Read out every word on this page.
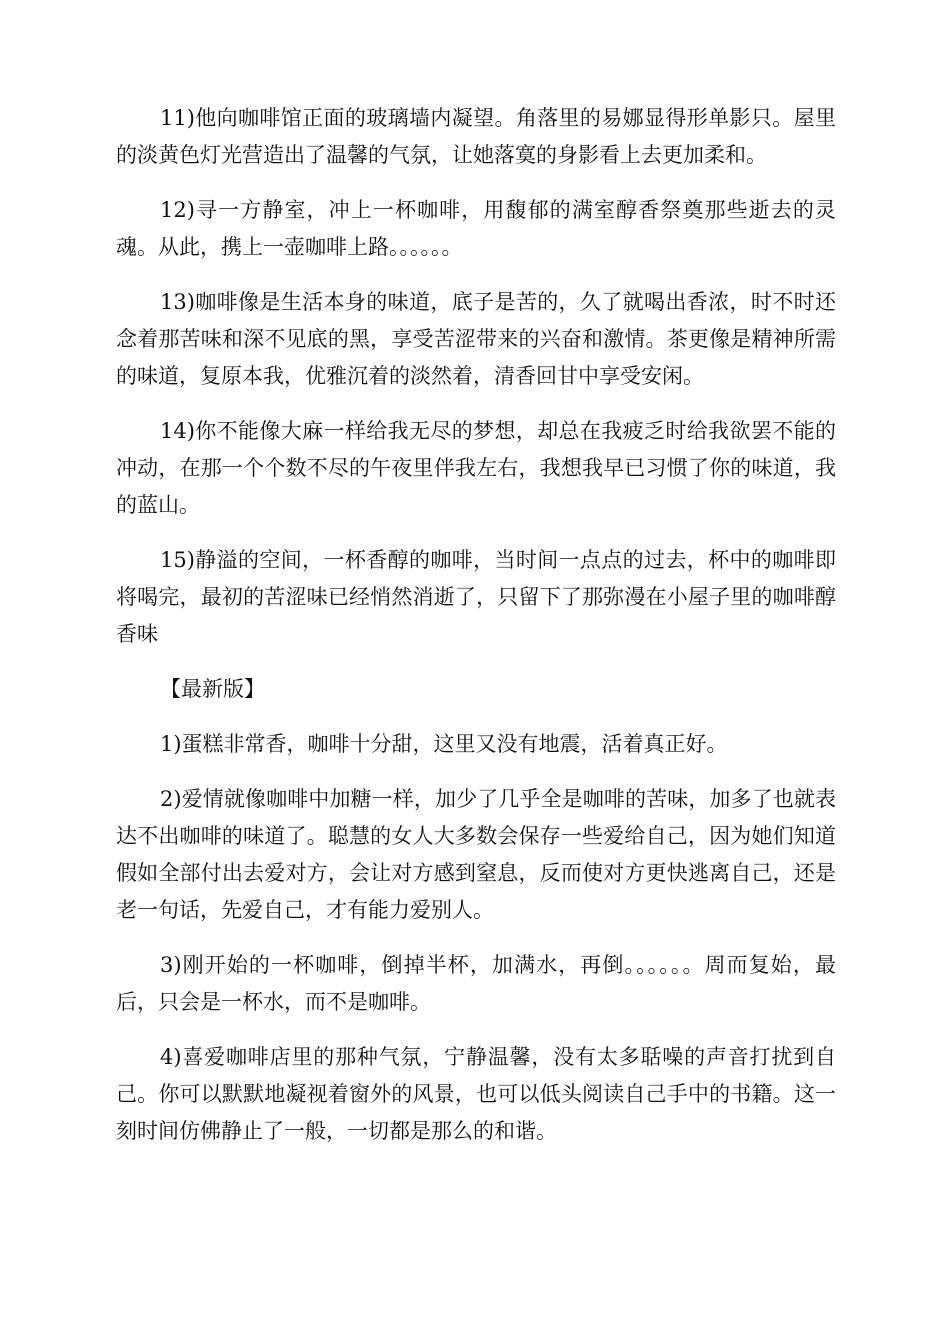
11)他向咖啡馆正面的玻璃墙内凝望。角落里的易娜显得形单影只。屋里的淡黄色灯光营造出了温馨的气氛，让她落寞的身影看上去更加柔和。

12)寻一方静室，冲上一杯咖啡，用馥郁的满室醇香祭奠那些逝去的灵魂。从此，携上一壶咖啡上路。。。。。。

13)咖啡像是生活本身的味道，底子是苦的，久了就喝出香浓，时不时还念着那苦味和深不见底的黑，享受苦涩带来的兴奋和激情。茶更像是精神所需的味道，复原本我，优雅沉着的淡然着，清香回甘中享受安闲。

14)你不能像大麻一样给我无尽的梦想，却总在我疲乏时给我欲罢不能的冲动，在那一个个数不尽的午夜里伴我左右，我想我早已习惯了你的味道，我的蓝山。

15)静溢的空间，一杯香醇的咖啡，当时间一点点的过去，杯中的咖啡即将喝完，最初的苦涩味已经悄然消逝了，只留下了那弥漫在小屋子里的咖啡醇香味

【最新版】

1)蛋糕非常香，咖啡十分甜，这里又没有地震，活着真正好。

2)爱情就像咖啡中加糖一样，加少了几乎全是咖啡的苦味，加多了也就表达不出咖啡的味道了。聪慧的女人大多数会保存一些爱给自己，因为她们知道假如全部付出去爱对方，会让对方感到窒息，反而使对方更快逃离自己，还是老一句话，先爱自己，才有能力爱别人。

3)刚开始的一杯咖啡，倒掉半杯，加满水，再倒。。。。。。周而复始，最后，只会是一杯水，而不是咖啡。

4)喜爱咖啡店里的那种气氛，宁静温馨，没有太多聒噪的声音打扰到自己。你可以默默地凝视着窗外的风景，也可以低头阅读自己手中的书籍。这一刻时间仿佛静止了一般，一切都是那么的和谐。
